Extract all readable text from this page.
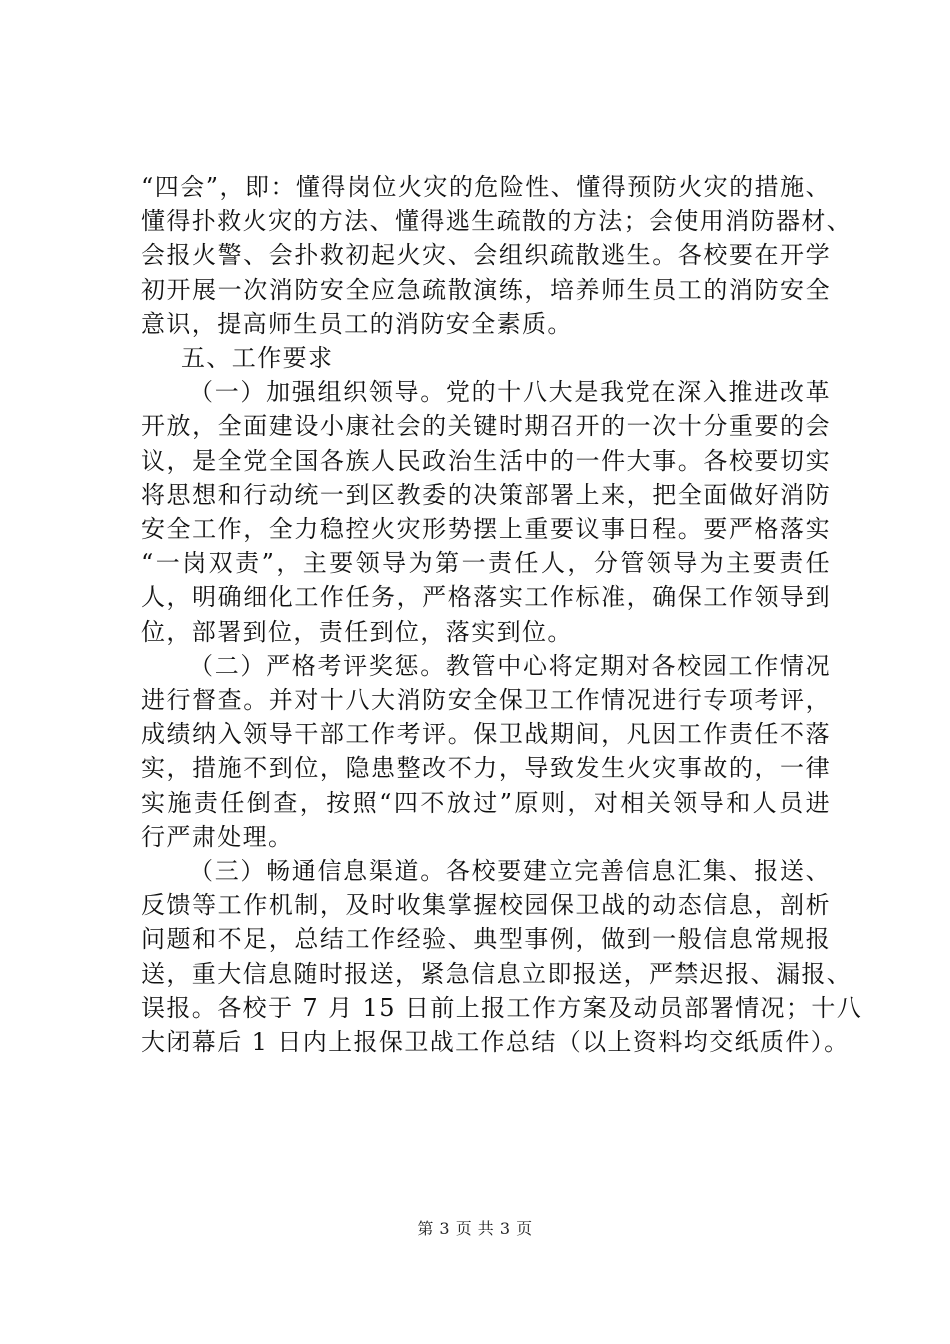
“四会”，即：懂得岗位火灾的危险性、懂得预防火灾的措施、
懂得扑救火灾的方法、懂得逃生疏散的方法；会使用消防器材、
会报火警、会扑救初起火灾、会组织疏散逃生。各校要在开学
初开展一次消防安全应急疏散演练，培养师生员工的消防安全
意识，提高师生员工的消防安全素质。
五、工作要求
（一）加强组织领导。党的十八大是我党在深入推进改革
开放，全面建设小康社会的关键时期召开的一次十分重要的会
议，是全党全国各族人民政治生活中的一件大事。各校要切实
将思想和行动统一到区教委的决策部署上来，把全面做好消防
安全工作，全力稳控火灾形势摆上重要议事日程。要严格落实
“一岗双责”，主要领导为第一责任人，分管领导为主要责任
人，明确细化工作任务，严格落实工作标准，确保工作领导到
位，部署到位，责任到位，落实到位。
（二）严格考评奖惩。教管中心将定期对各校园工作情况
进行督查。并对十八大消防安全保卫工作情况进行专项考评，
成绩纳入领导干部工作考评。保卫战期间，凡因工作责任不落
实，措施不到位，隐患整改不力，导致发生火灾事故的，一律
实施责任倒查，按照“四不放过”原则，对相关领导和人员进
行严肃处理。
（三）畅通信息渠道。各校要建立完善信息汇集、报送、
反馈等工作机制，及时收集掌握校园保卫战的动态信息，剖析
问题和不足，总结工作经验、典型事例，做到一般信息常规报
送，重大信息随时报送，紧急信息立即报送，严禁迟报、漏报、
误报。各校于 7 月 15 日前上报工作方案及动员部署情况；十八
大闭幕后 1 日内上报保卫战工作总结（以上资料均交纸质件）。
第 3 页 共 3 页
